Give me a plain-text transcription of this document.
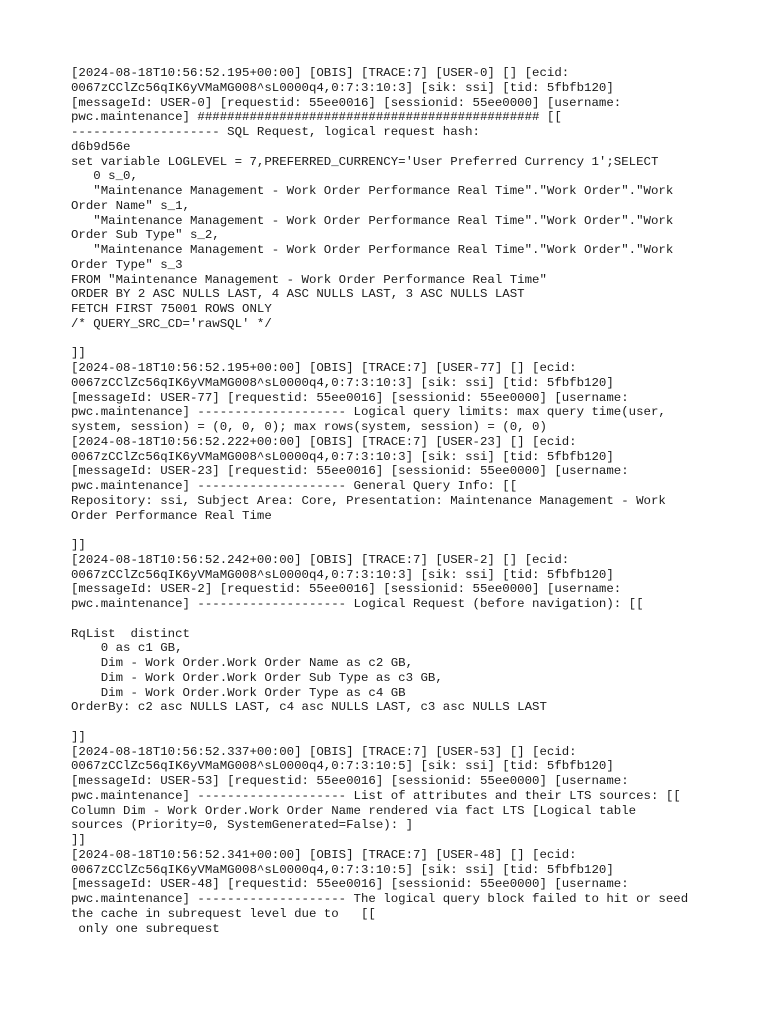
[2024-08-18T10:56:52.195+00:00] [OBIS] [TRACE:7] [USER-0] [] [ecid:
0067zCClZc56qIK6yVMaMG008^sL0000q4,0:7:3:10:3] [sik: ssi] [tid: 5fbfb120]
[messageId: USER-0] [requestid: 55ee0016] [sessionid: 55ee0000] [username:
pwc.maintenance] ############################################## [[
-------------------- SQL Request, logical request hash:
d6b9d56e
set variable LOGLEVEL = 7,PREFERRED_CURRENCY='User Preferred Currency 1';SELECT
0 s_0,
"Maintenance Management - Work Order Performance Real Time"."Work Order"."Work
Order Name" s_1,
"Maintenance Management - Work Order Performance Real Time"."Work Order"."Work
Order Sub Type" s_2,
"Maintenance Management - Work Order Performance Real Time"."Work Order"."Work
Order Type" s_3
FROM "Maintenance Management - Work Order Performance Real Time"
ORDER BY 2 ASC NULLS LAST, 4 ASC NULLS LAST, 3 ASC NULLS LAST
FETCH FIRST 75001 ROWS ONLY
/* QUERY_SRC_CD='rawSQL' */
]]
[2024-08-18T10:56:52.195+00:00] [OBIS] [TRACE:7] [USER-77] [] [ecid:
0067zCClZc56qIK6yVMaMG008^sL0000q4,0:7:3:10:3] [sik: ssi] [tid: 5fbfb120]
[messageId: USER-77] [requestid: 55ee0016] [sessionid: 55ee0000] [username:
pwc.maintenance] -------------------- Logical query limits: max query time(user,
system, session) = (0, 0, 0); max rows(system, session) = (0, 0)
[2024-08-18T10:56:52.222+00:00] [OBIS] [TRACE:7] [USER-23] [] [ecid:
0067zCClZc56qIK6yVMaMG008^sL0000q4,0:7:3:10:3] [sik: ssi] [tid: 5fbfb120]
[messageId: USER-23] [requestid: 55ee0016] [sessionid: 55ee0000] [username:
pwc.maintenance] -------------------- General Query Info: [[
Repository: ssi, Subject Area: Core, Presentation: Maintenance Management - Work
Order Performance Real Time
]]
[2024-08-18T10:56:52.242+00:00] [OBIS] [TRACE:7] [USER-2] [] [ecid:
0067zCClZc56qIK6yVMaMG008^sL0000q4,0:7:3:10:3] [sik: ssi] [tid: 5fbfb120]
[messageId: USER-2] [requestid: 55ee0016] [sessionid: 55ee0000] [username:
pwc.maintenance] -------------------- Logical Request (before navigation): [[
RqList  distinct
0 as c1 GB,
Dim - Work Order.Work Order Name as c2 GB,
Dim - Work Order.Work Order Sub Type as c3 GB,
Dim - Work Order.Work Order Type as c4 GB
OrderBy: c2 asc NULLS LAST, c4 asc NULLS LAST, c3 asc NULLS LAST
]]
[2024-08-18T10:56:52.337+00:00] [OBIS] [TRACE:7] [USER-53] [] [ecid:
0067zCClZc56qIK6yVMaMG008^sL0000q4,0:7:3:10:5] [sik: ssi] [tid: 5fbfb120]
[messageId: USER-53] [requestid: 55ee0016] [sessionid: 55ee0000] [username:
pwc.maintenance] -------------------- List of attributes and their LTS sources: [[
Column Dim - Work Order.Work Order Name rendered via fact LTS [Logical table
sources (Priority=0, SystemGenerated=False): ]
]]
[2024-08-18T10:56:52.341+00:00] [OBIS] [TRACE:7] [USER-48] [] [ecid:
0067zCClZc56qIK6yVMaMG008^sL0000q4,0:7:3:10:5] [sik: ssi] [tid: 5fbfb120]
[messageId: USER-48] [requestid: 55ee0016] [sessionid: 55ee0000] [username:
pwc.maintenance] -------------------- The logical query block failed to hit or seed
the cache in subrequest level due to   [[
only one subrequest
